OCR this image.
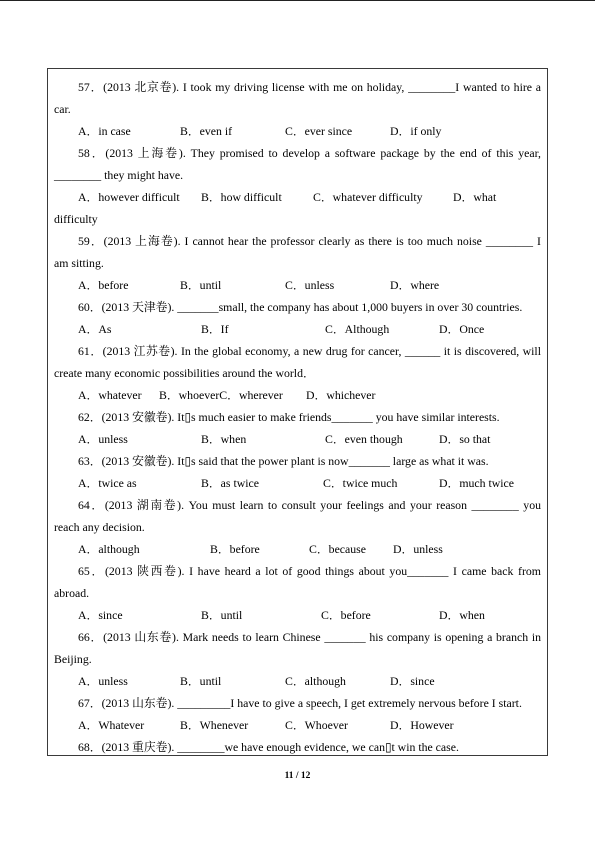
57．(2013 北京卷). I took my driving license with me on holiday, ________I wanted to hire a
car.
A．in case	B．even if	C．ever since	D．if only
58．(2013 上海卷). They promised to develop a software package by the end of this year,
________ they might have.
A．however difficult B．how difficult	C．whatever difficulty	D．what
difficulty
59．(2013 上海卷). I cannot hear the professor clearly as there is too much noise ________ I
am sitting.
A．before	B．until	C．unless	D．where
60．(2013 天津卷). _______small, the company has about 1,000 buyers in over 30 countries.
A．As	B．If	C．Although	D．Once
61．(2013 江苏卷). In the global economy, a new drug for cancer, ______ it is discovered, will
create many economic possibilities around the world．
A．whatever B．whoeverC．wherever D．whichever
62．(2013 安徽卷). It▯s much easier to make friends_______ you have similar interests.
A．unless	B．when	C．even though	D．so that
63．(2013 安徽卷). It▯s said that the power plant is now_______ large as what it was.
A．twice as	B．as twice	C．twice much	D．much twice
64．(2013 湖南卷). You must learn to consult your feelings and your reason ________ you
reach any decision.
A．although	B．before	C．because D．unless
65．(2013 陕西卷). I have heard a lot of good things about you_______ I came back from
abroad.
A．since	B．until	C．before	D．when
66．(2013 山东卷). Mark needs to learn Chinese _______ his company is opening a branch in
Beijing.
A．unless	B．until	C．although	D．since
67．(2013 山东卷). _________I have to give a speech, I get extremely nervous before I start.
A．Whatever	B．Whenever	C．Whoever	D．However
68．(2013 重庆卷). ________we have enough evidence, we can▯t win the case.
11 / 12
